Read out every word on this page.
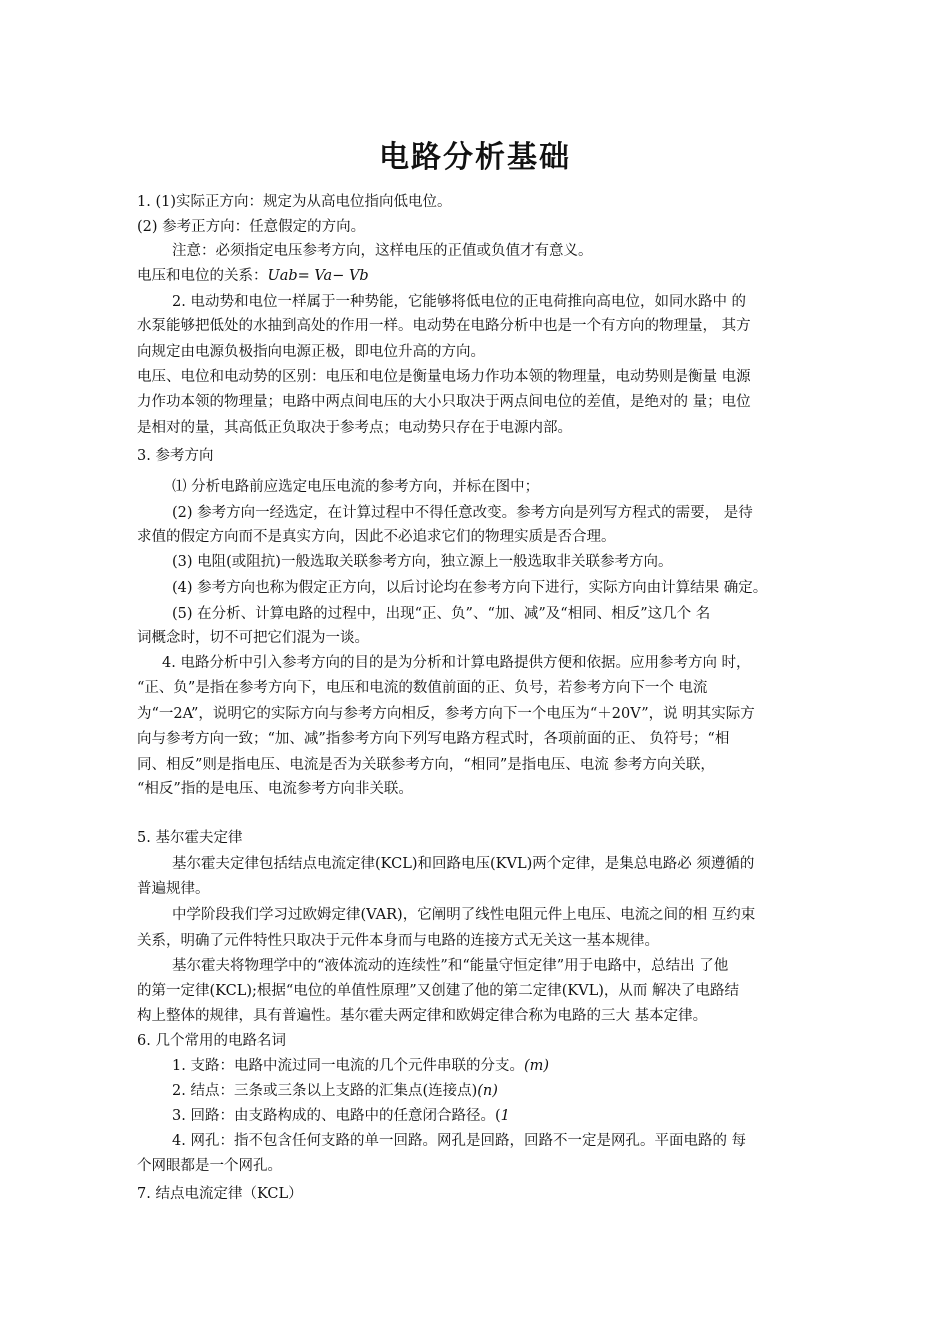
电路分析基础
1. (1)实际正方向：规定为从高电位指向低电位。
(2) 参考正方向：任意假定的方向。
注意：必须指定电压参考方向，这样电压的正值或负值才有意义。
电压和电位的关系：Uab= Va− Vb
2. 电动势和电位一样属于一种势能，它能够将低电位的正电荷推向高电位，如同水路中 的
水泵能够把低处的水抽到高处的作用一样。电动势在电路分析中也是一个有方向的物理量， 其方
向规定由电源负极指向电源正极，即电位升高的方向。
电压、电位和电动势的区别：电压和电位是衡量电场力作功本领的物理量，电动势则是衡量 电源
力作功本领的物理量；电路中两点间电压的大小只取决于两点间电位的差值，是绝对的 量；电位
是相对的量，其高低正负取决于参考点；电动势只存在于电源内部。
3. 参考方向
⑴ 分析电路前应选定电压电流的参考方向，并标在图中；
(2) 参考方向一经选定，在计算过程中不得任意改变。参考方向是列写方程式的需要， 是待
求值的假定方向而不是真实方向，因此不必追求它们的物理实质是否合理。
(3) 电阻(或阻抗)一般选取关联参考方向，独立源上一般选取非关联参考方向。
(4) 参考方向也称为假定正方向，以后讨论均在参考方向下进行，实际方向由计算结果 确定。
(5) 在分析、计算电路的过程中，出现“正、负”、“加、减”及“相同、相反”这几个 名
词概念时，切不可把它们混为一谈。
4. 电路分析中引入参考方向的目的是为分析和计算电路提供方便和依据。应用参考方向 时，
“正、负”是指在参考方向下，电压和电流的数值前面的正、负号，若参考方向下一个 电流
为“一2A”，说明它的实际方向与参考方向相反，参考方向下一个电压为“＋20V”，说 明其实际方
向与参考方向一致；“加、减”指参考方向下列写电路方程式时，各项前面的正、 负符号；“相
同、相反”则是指电压、电流是否为关联参考方向，“相同”是指电压、电流 参考方向关联，
“相反”指的是电压、电流参考方向非关联。
5. 基尔霍夫定律
基尔霍夫定律包括结点电流定律(KCL)和回路电压(KVL)两个定律，是集总电路必 须遵循的
普遍规律。
中学阶段我们学习过欧姆定律(VAR)，它阐明了线性电阻元件上电压、电流之间的相 互约束
关系，明确了元件特性只取决于元件本身而与电路的连接方式无关这一基本规律。
基尔霍夫将物理学中的“液体流动的连续性”和“能量守恒定律”用于电路中，总结出 了他
的第一定律(KCL);根据“电位的单值性原理”又创建了他的第二定律(KVL)，从而 解决了电路结
构上整体的规律，具有普遍性。基尔霍夫两定律和欧姆定律合称为电路的三大 基本定律。
6. 几个常用的电路名词
1. 支路：电路中流过同一电流的几个元件串联的分支。(m)
2. 结点：三条或三条以上支路的汇集点(连接点)(n)
3. 回路：由支路构成的、电路中的任意闭合路径。(1
4. 网孔：指不包含任何支路的单一回路。网孔是回路，回路不一定是网孔。平面电路的 每
个网眼都是一个网孔。
7. 结点电流定律（KCL）
